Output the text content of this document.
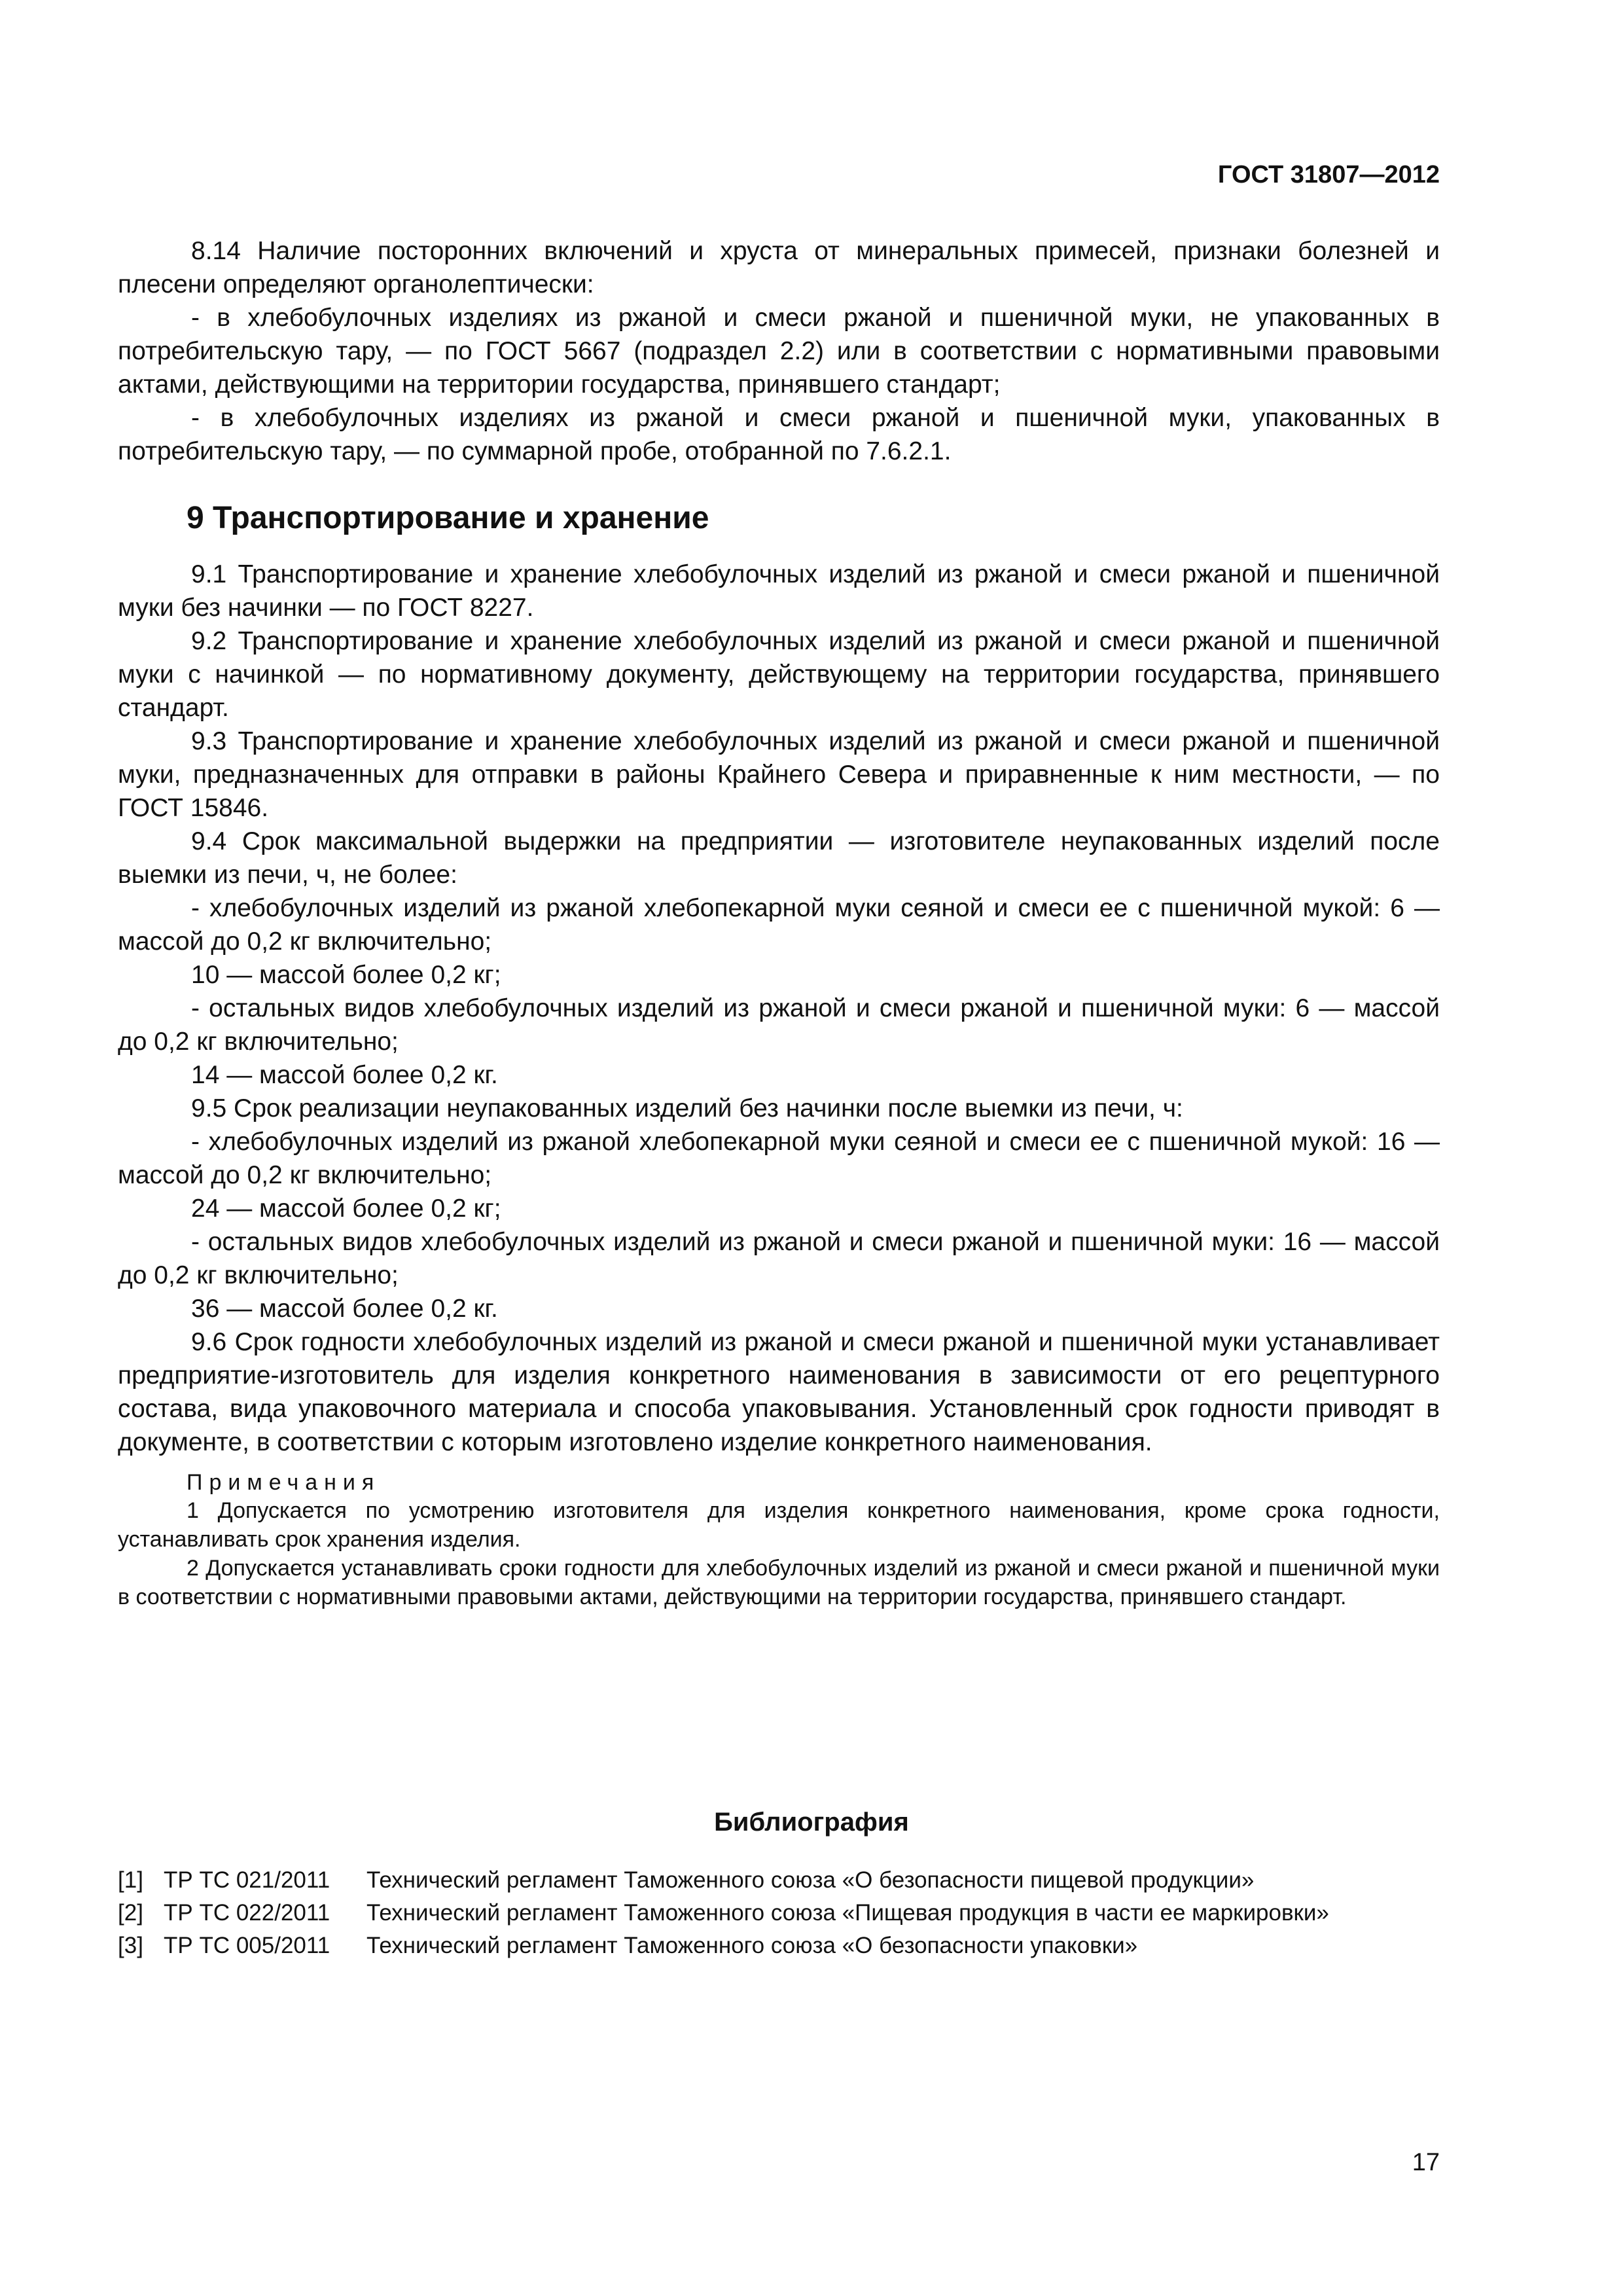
ГОСТ 31807—2012

8.14 Наличие посторонних включений и хруста от минеральных примесей, признаки болезней и плесени определяют органолептически:

- в хлебобулочных изделиях из ржаной и смеси ржаной и пшеничной муки, не упакованных в потребительскую тару, — по ГОСТ 5667 (подраздел 2.2) или в соответствии с нормативными правовыми актами, действующими на территории государства, принявшего стандарт;

- в хлебобулочных изделиях из ржаной и смеси ржаной и пшеничной муки, упакованных в потребительскую тару, — по суммарной пробе, отобранной по 7.6.2.1.

9 Транспортирование и хранение

9.1 Транспортирование и хранение хлебобулочных изделий из ржаной и смеси ржаной и пшеничной муки без начинки — по ГОСТ 8227.

9.2 Транспортирование и хранение хлебобулочных изделий из ржаной и смеси ржаной и пшеничной муки с начинкой — по нормативному документу, действующему на территории государства, принявшего стандарт.

9.3 Транспортирование и хранение хлебобулочных изделий из ржаной и смеси ржаной и пшеничной муки, предназначенных для отправки в районы Крайнего Севера и приравненные к ним местности, — по ГОСТ 15846.

9.4 Срок максимальной выдержки на предприятии — изготовителе неупакованных изделий после выемки из печи, ч, не более:

- хлебобулочных изделий из ржаной хлебопекарной муки сеяной и смеси ее с пшеничной мукой: 6 — массой до 0,2 кг включительно;

10 — массой более 0,2 кг;

- остальных видов хлебобулочных изделий из ржаной и смеси ржаной и пшеничной муки: 6 — массой до 0,2 кг включительно;

14 — массой более 0,2 кг.

9.5 Срок реализации неупакованных изделий без начинки после выемки из печи, ч:

- хлебобулочных изделий из ржаной хлебопекарной муки сеяной и смеси ее с пшеничной мукой: 16 — массой до 0,2 кг включительно;

24 — массой более 0,2 кг;

- остальных видов хлебобулочных изделий из ржаной и смеси ржаной и пшеничной муки: 16 — массой до 0,2 кг включительно;

36 — массой более 0,2 кг.

9.6 Срок годности хлебобулочных изделий из ржаной и смеси ржаной и пшеничной муки устанавливает предприятие-изготовитель для изделия конкретного наименования в зависимости от его рецептурного состава, вида упаковочного материала и способа упаковывания. Установленный срок годности приводят в документе, в соответствии с которым изготовлено изделие конкретного наименования.

Примечания

1 Допускается по усмотрению изготовителя для изделия конкретного наименования, кроме срока годности, устанавливать срок хранения изделия.

2 Допускается устанавливать сроки годности для хлебобулочных изделий из ржаной и смеси ржаной и пшеничной муки в соответствии с нормативными правовыми актами, действующими на территории государства, принявшего стандарт.

Библиография
[1] ТР ТС 021/2011	Технический регламент Таможенного союза «О безопасности пищевой продукции»
[2] ТР ТС 022/2011	Технический регламент Таможенного союза «Пищевая продукция в части ее маркировки»
[3] ТР ТС 005/2011	Технический регламент Таможенного союза «О безопасности упаковки»
17
